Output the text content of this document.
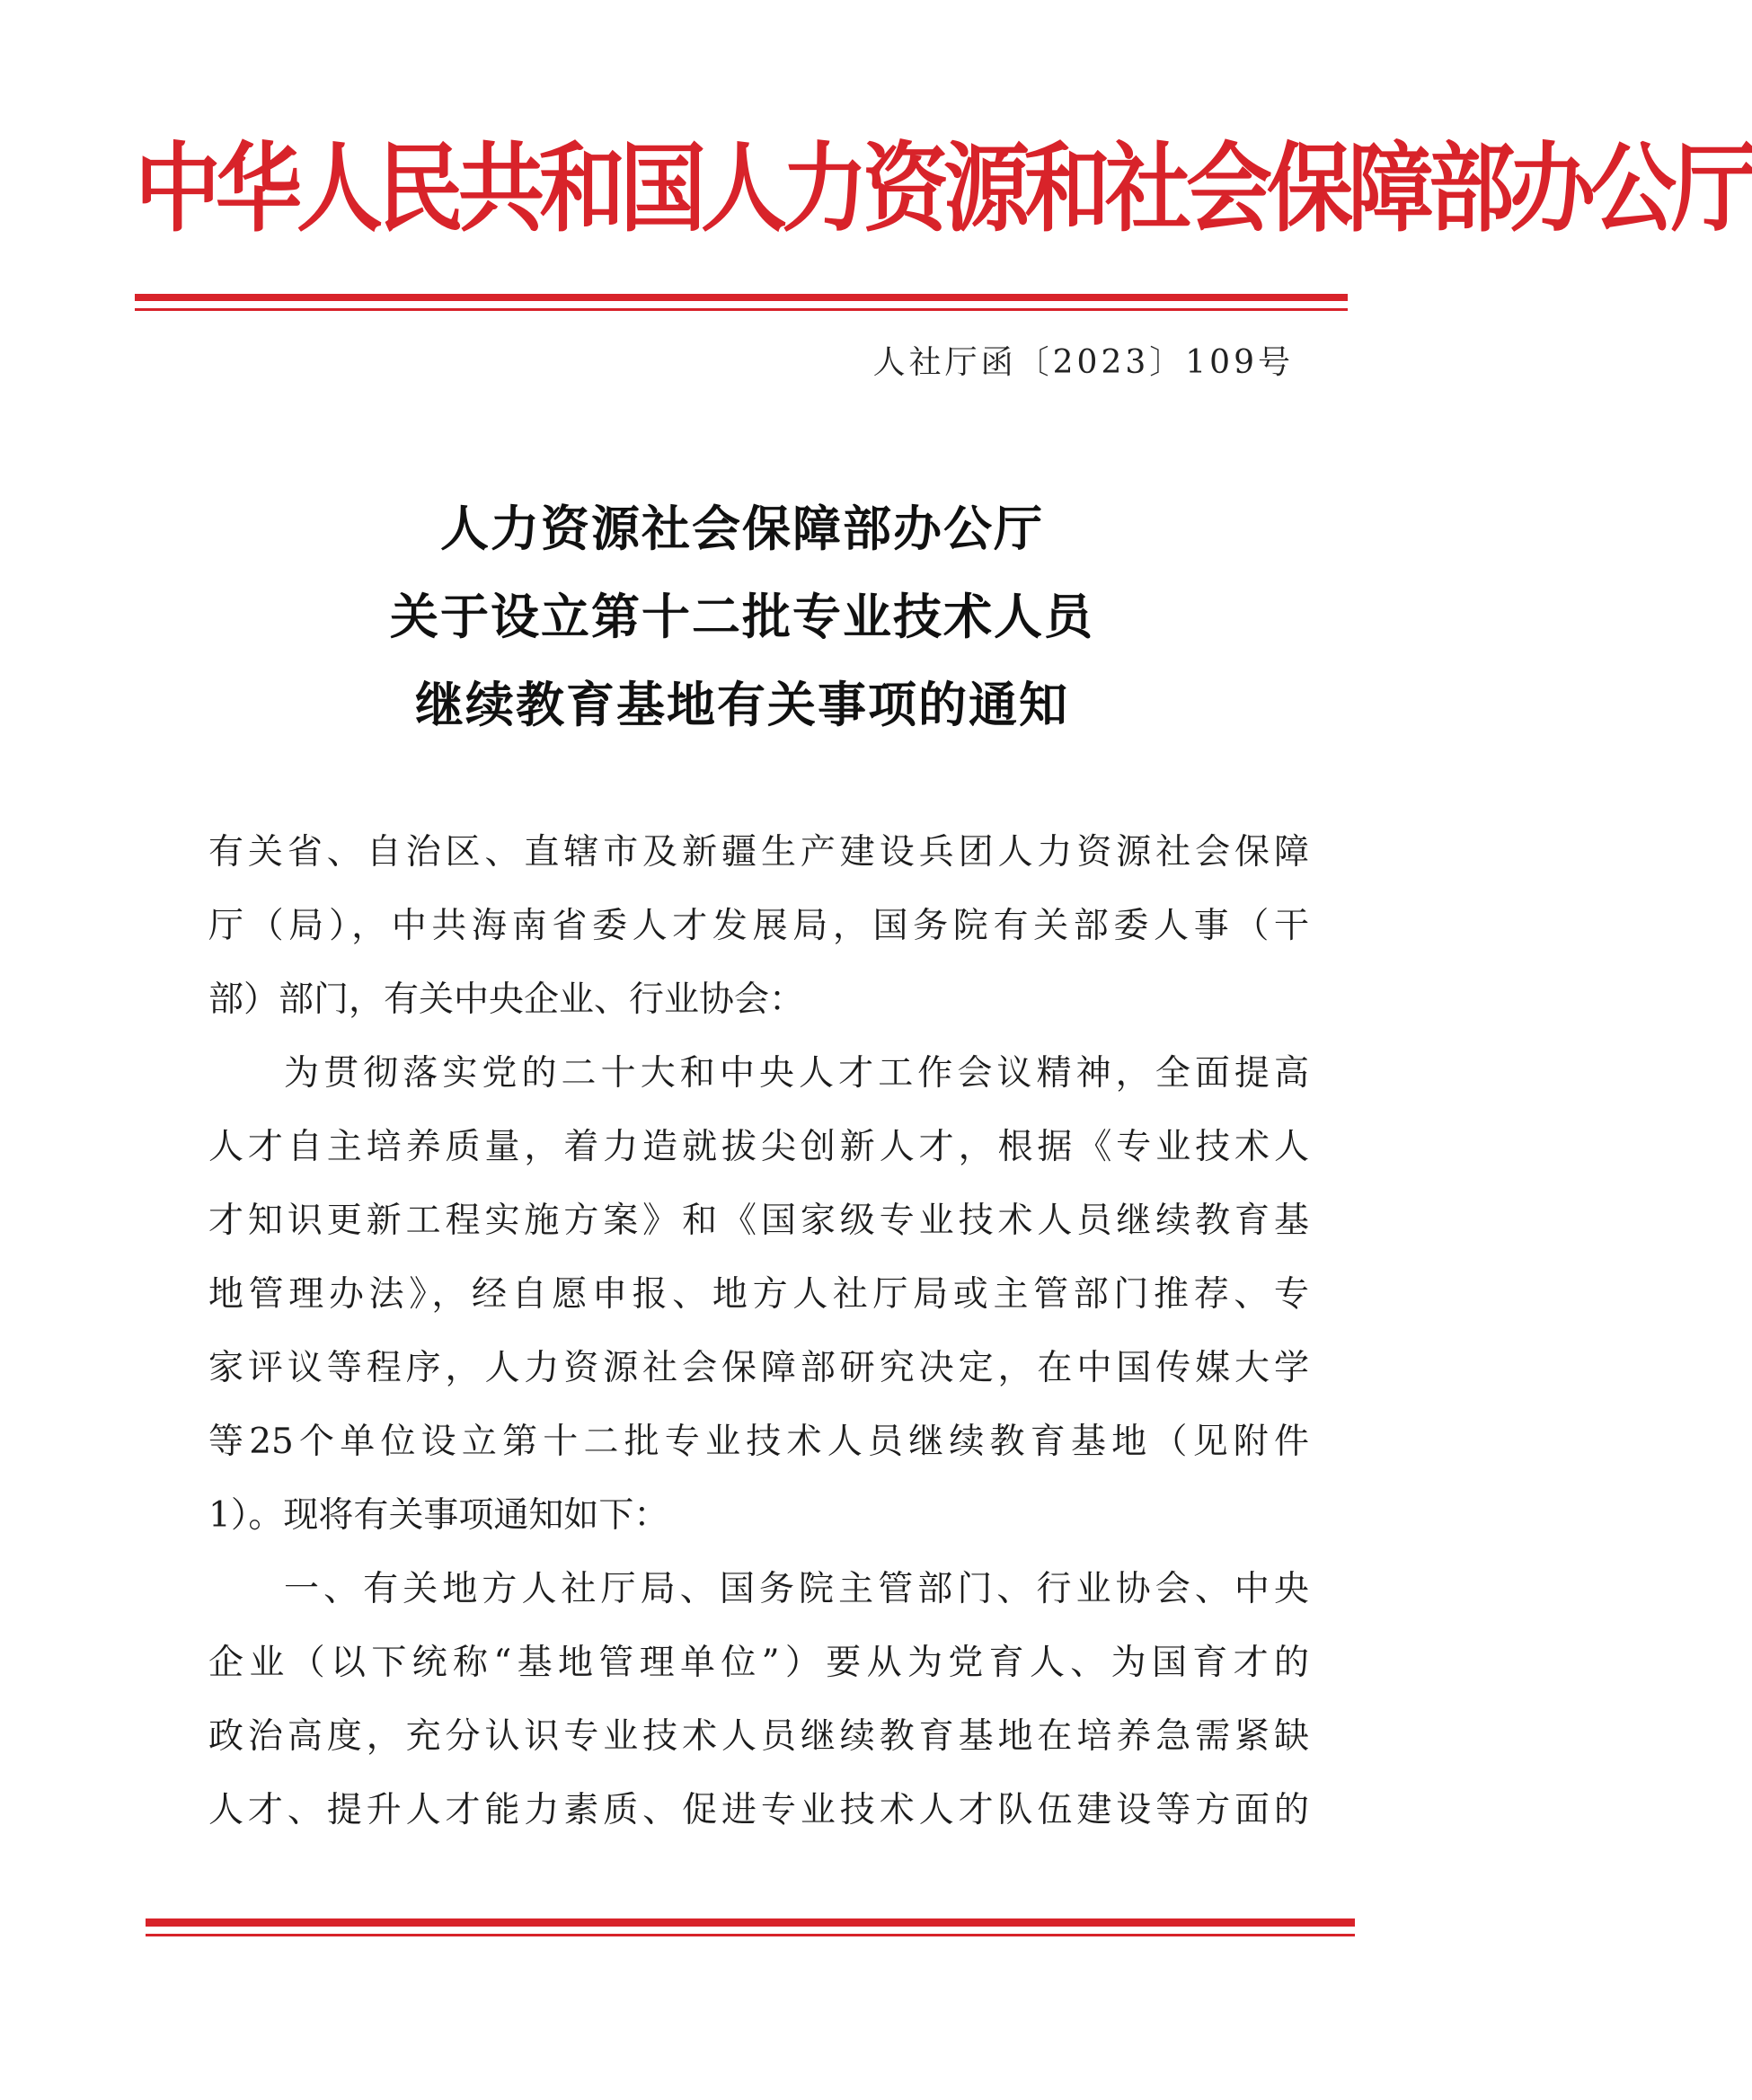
中华人民共和国人力资源和社会保障部办公厅
人社厅函〔2023〕109号
人力资源社会保障部办公厅
关于设立第十二批专业技术人员
继续教育基地有关事项的通知
有关省、自治区、直辖市及新疆生产建设兵团人力资源社会保障
厅（局），中共海南省委人才发展局，国务院有关部委人事（干
部）部门，有关中央企业、行业协会：
为贯彻落实党的二十大和中央人才工作会议精神，全面提高
人才自主培养质量，着力造就拔尖创新人才，根据《专业技术人
才知识更新工程实施方案》和《国家级专业技术人员继续教育基
地管理办法》，经自愿申报、地方人社厅局或主管部门推荐、专
家评议等程序，人力资源社会保障部研究决定，在中国传媒大学
等25个单位设立第十二批专业技术人员继续教育基地（见附件
1）。现将有关事项通知如下：
一、有关地方人社厅局、国务院主管部门、行业协会、中央
企业（以下统称“基地管理单位”）要从为党育人、为国育才的
政治高度，充分认识专业技术人员继续教育基地在培养急需紧缺
人才、提升人才能力素质、促进专业技术人才队伍建设等方面的
